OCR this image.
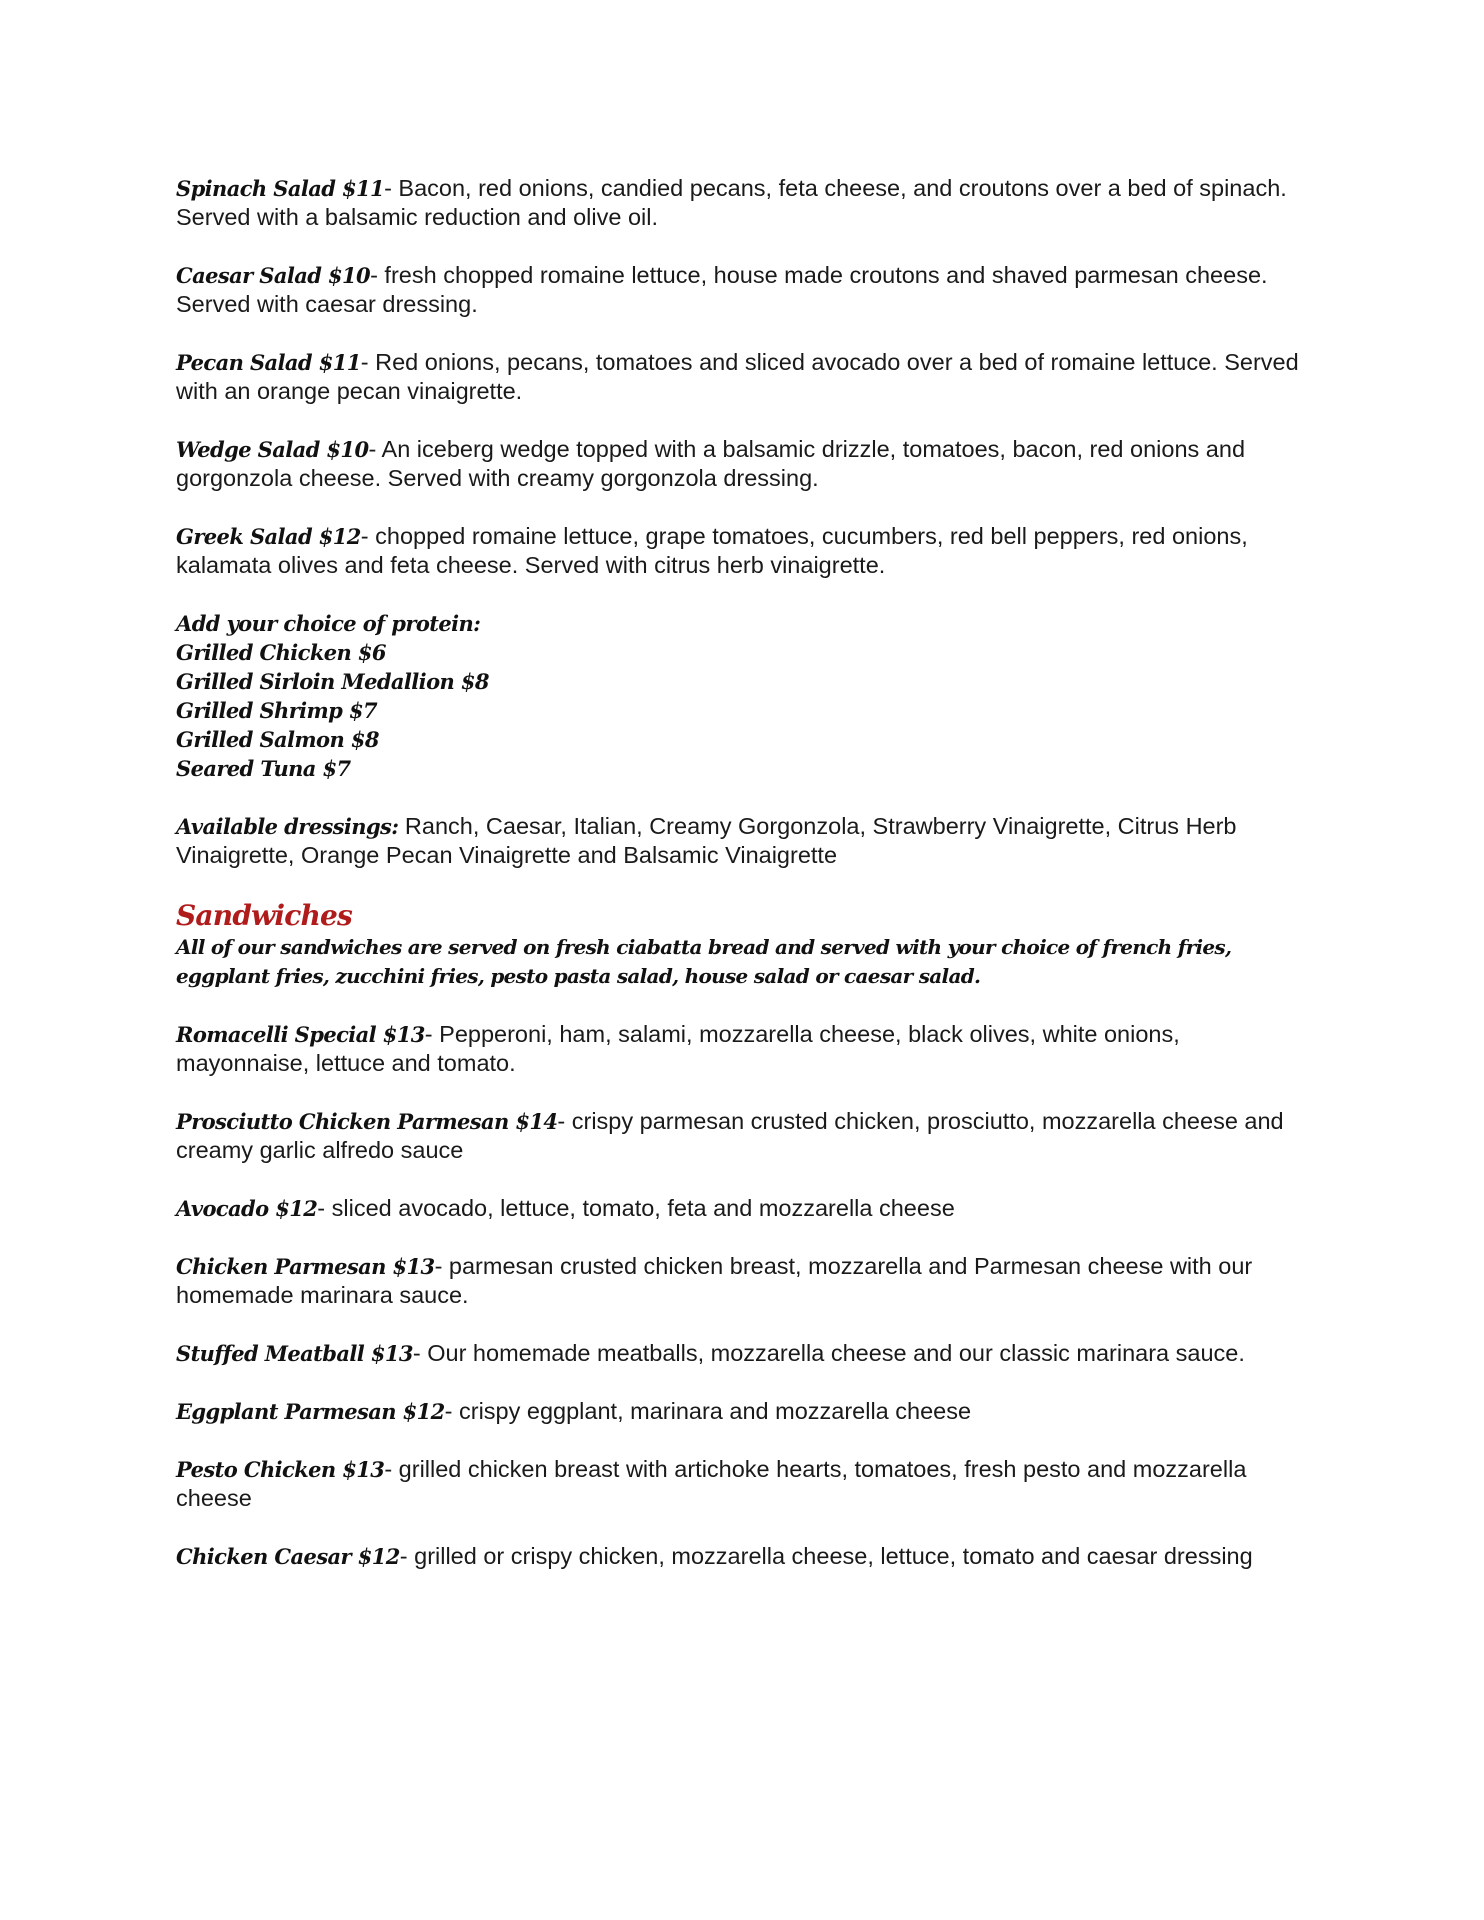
Spinach Salad $11- Bacon, red onions, candied pecans, feta cheese, and croutons over a bed of spinach. Served with a balsamic reduction and olive oil.

Caesar Salad $10- fresh chopped romaine lettuce, house made croutons and shaved parmesan cheese. Served with caesar dressing.

Pecan Salad $11- Red onions, pecans, tomatoes and sliced avocado over a bed of romaine lettuce. Served with an orange pecan vinaigrette.

Wedge Salad $10- An iceberg wedge topped with a balsamic drizzle, tomatoes, bacon, red onions and gorgonzola cheese. Served with creamy gorgonzola dressing.

Greek Salad $12- chopped romaine lettuce, grape tomatoes, cucumbers, red bell peppers, red onions, kalamata olives and feta cheese. Served with citrus herb vinaigrette.

Add your choice of protein:
Grilled Chicken $6
Grilled Sirloin Medallion $8
Grilled Shrimp $7
Grilled Salmon $8
Seared Tuna $7

Available dressings: Ranch, Caesar, Italian, Creamy Gorgonzola, Strawberry Vinaigrette, Citrus Herb Vinaigrette, Orange Pecan Vinaigrette and Balsamic Vinaigrette

Sandwiches

All of our sandwiches are served on fresh ciabatta bread and served with your choice of french fries, eggplant fries, zucchini fries, pesto pasta salad, house salad or caesar salad.

Romacelli Special $13- Pepperoni, ham, salami, mozzarella cheese, black olives, white onions, mayonnaise, lettuce and tomato.

Prosciutto Chicken Parmesan $14- crispy parmesan crusted chicken, prosciutto, mozzarella cheese and creamy garlic alfredo sauce

Avocado $12- sliced avocado, lettuce, tomato, feta and mozzarella cheese

Chicken Parmesan $13- parmesan crusted chicken breast, mozzarella and Parmesan cheese with our homemade marinara sauce.

Stuffed Meatball $13- Our homemade meatballs, mozzarella cheese and our classic marinara sauce.

Eggplant Parmesan $12- crispy eggplant, marinara and mozzarella cheese

Pesto Chicken $13- grilled chicken breast with artichoke hearts, tomatoes, fresh pesto and mozzarella cheese

Chicken Caesar $12- grilled or crispy chicken, mozzarella cheese, lettuce, tomato and caesar dressing
